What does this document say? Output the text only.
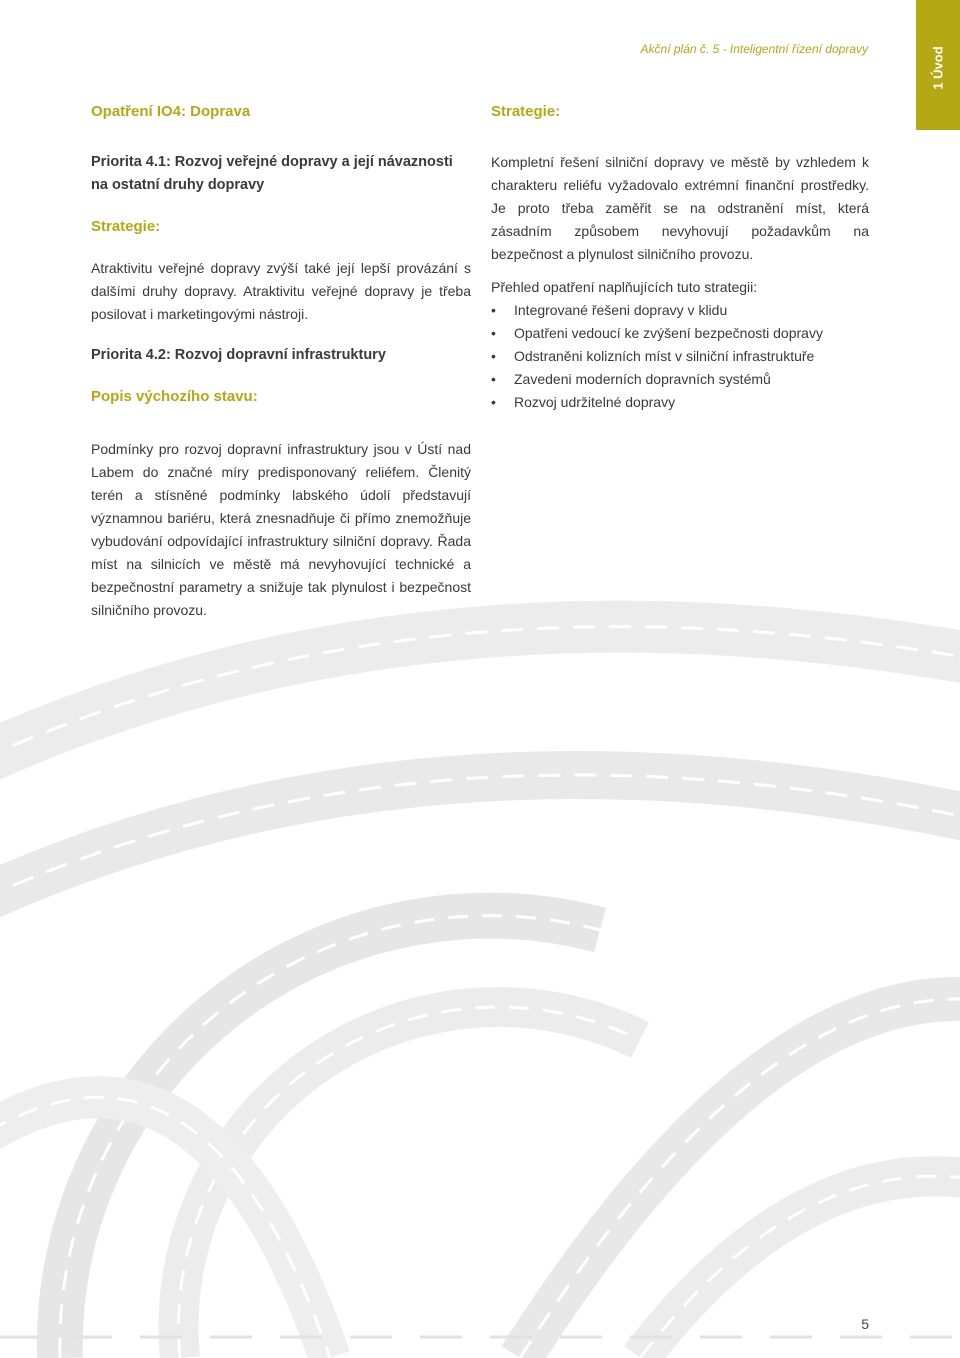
Akční plán č. 5 - Inteligentní řízení dopravy	1 Úvod

Opatření IO4: Doprava

Priorita 4.1: Rozvoj veřejné dopravy a její návaznosti na ostatní druhy dopravy

Strategie:

Atraktivitu veřejné dopravy zvýší také její lepší provázání s dalšími druhy dopravy. Atraktivitu veřejné dopravy je třeba posilovat i marketingovými nástroji.

Priorita 4.2: Rozvoj dopravní infrastruktury

Popis výchozího stavu:

Podmínky pro rozvoj dopravní infrastruktury jsou v Ústí nad Labem do značné míry predisponovaný reliéfem. Členitý terén a stísněné podmínky labského údolí představují významnou bariéru, která znesnadňuje či přímo znemožňuje vybudování odpovídající infrastruktury silniční dopravy. Řada míst na silnicích ve městě má nevyhovující technické a bezpečnostní parametry a snižuje tak plynulost i bezpečnost silničního provozu.

Strategie:

Kompletní řešení silniční dopravy ve městě by vzhledem k charakteru reliéfu vyžadovalo extrémní finanční prostředky. Je proto třeba zaměřit se na odstranění míst, která zásadním způsobem nevyhovují požadavkům na bezpečnost a plynulost silničního provozu.

Přehled opatření naplňujících tuto strategii:

• Integrované řešeni dopravy v klidu
• Opatřeni vedoucí ke zvýšení bezpečnosti dopravy
• Odstraněni kolizních míst v silniční infrastruktuře
• Zavedeni moderních dopravních systémů
• Rozvoj udržitelné dopravy
5
